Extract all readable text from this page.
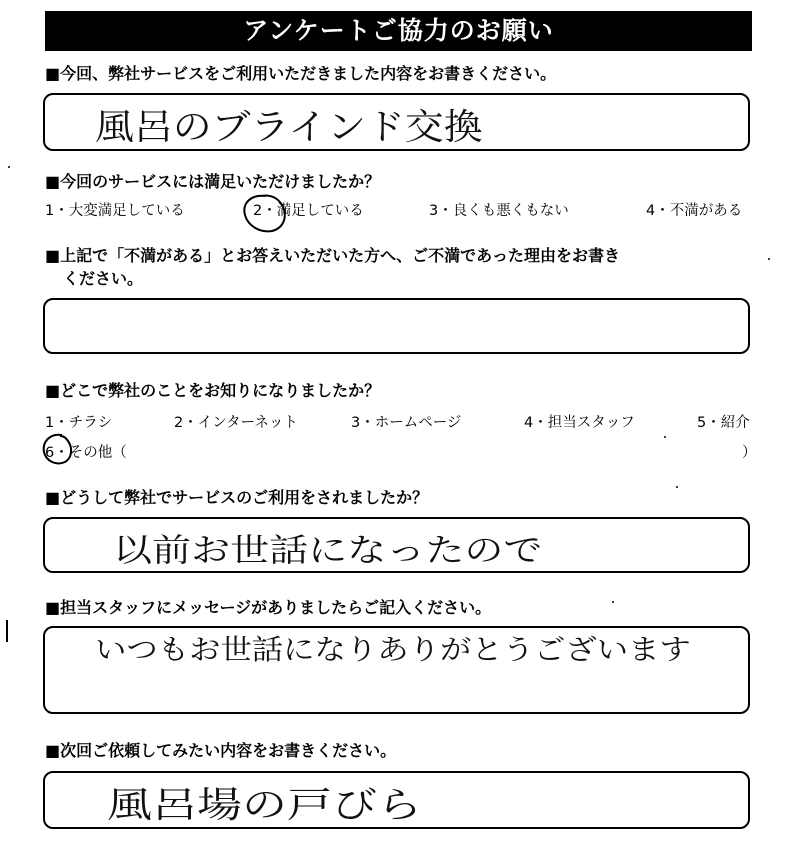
アンケートご協力のお願い
■今回、弊社サービスをご利用いただきました内容をお書きください。
風呂のブラインド交換
■今回のサービスには満足いただけましたか？
1・大変満足している	2・満足している	3・良くも悪くもない	4・不満がある
■上記で「不満がある」とお答えいただいた方へ、ご不満であった理由をお書き
ください。
■どこで弊社のことをお知りになりましたか？
1・チラシ	2・インターネット	3・ホームページ	4・担当スタッフ	5・紹介
6・その他（	）
■どうして弊社でサービスのご利用をされましたか？
以前お世話になったので
■担当スタッフにメッセージがありましたらご記入ください。
いつもお世話になりありがとうございます
■次回ご依頼してみたい内容をお書きください。
風呂場の戸びら
